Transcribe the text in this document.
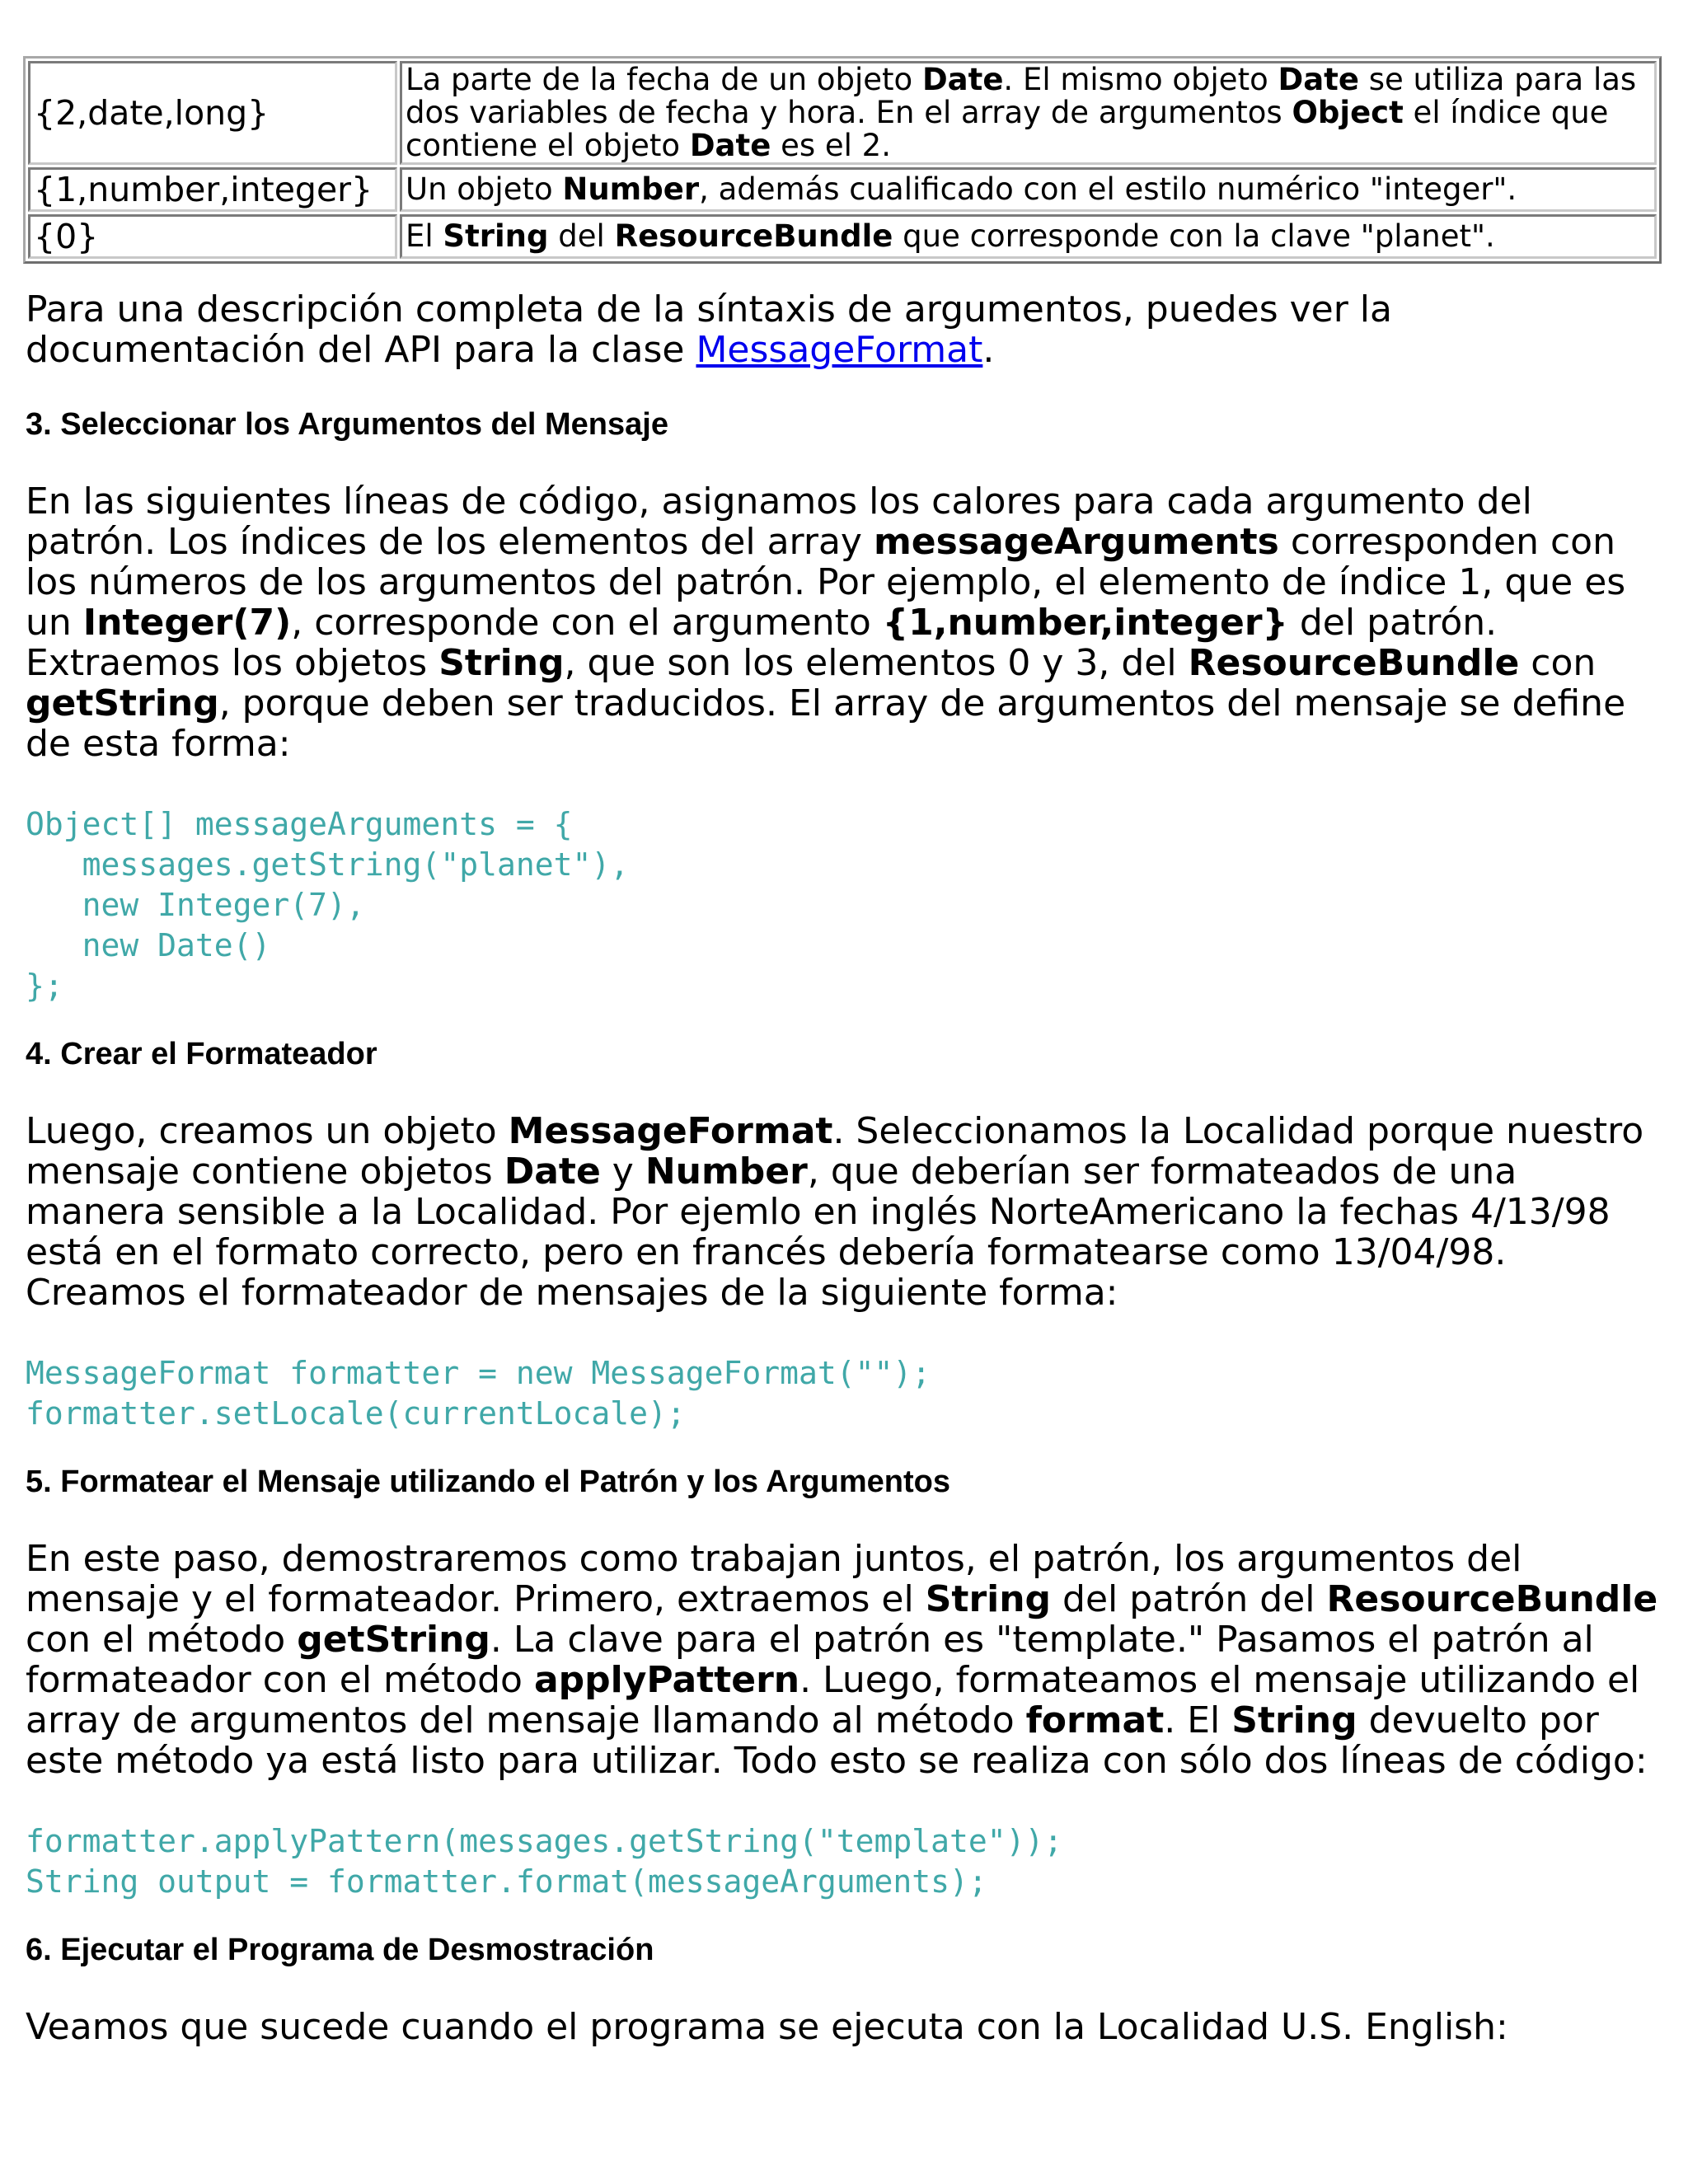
{2,date,long}	La parte de la fecha de un objeto Date. El mismo objeto Date se utiliza para las dos variables de fecha y hora. En el array de argumentos Object el índice que contiene el objeto Date es el 2.
{1,number,integer}	Un objeto Number, además cualificado con el estilo numérico "integer".
{0}	El String del ResourceBundle que corresponde con la clave "planet".

Para una descripción completa de la síntaxis de argumentos, puedes ver la documentación del API para la clase MessageFormat.

3. Seleccionar los Argumentos del Mensaje

En las siguientes líneas de código, asignamos los calores para cada argumento del patrón. Los índices de los elementos del array messageArguments corresponden con los números de los argumentos del patrón. Por ejemplo, el elemento de índice 1, que es un Integer(7), corresponde con el argumento {1,number,integer} del patrón. Extraemos los objetos String, que son los elementos 0 y 3, del ResourceBundle con getString, porque deben ser traducidos. El array de argumentos del mensaje se define de esta forma:

Object[] messageArguments = {
messages.getString("planet"),
new Integer(7),
new Date()
};
4. Crear el Formateador

Luego, creamos un objeto MessageFormat. Seleccionamos la Localidad porque nuestro mensaje contiene objetos Date y Number, que deberían ser formateados de una manera sensible a la Localidad. Por ejemlo en inglés NorteAmericano la fechas 4/13/98 está en el formato correcto, pero en francés debería formatearse como 13/04/98. Creamos el formateador de mensajes de la siguiente forma:

MessageFormat formatter = new MessageFormat("");
formatter.setLocale(currentLocale);
5. Formatear el Mensaje utilizando el Patrón y los Argumentos

En este paso, demostraremos como trabajan juntos, el patrón, los argumentos del mensaje y el formateador. Primero, extraemos el String del patrón del ResourceBundle con el método getString. La clave para el patrón es "template." Pasamos el patrón al formateador con el método applyPattern. Luego, formateamos el mensaje utilizando el array de argumentos del mensaje llamando al método format. El String devuelto por este método ya está listo para utilizar. Todo esto se realiza con sólo dos líneas de código:

formatter.applyPattern(messages.getString("template"));
String output = formatter.format(messageArguments);
6. Ejecutar el Programa de Desmostración

Veamos que sucede cuando el programa se ejecuta con la Localidad U.S. English:
